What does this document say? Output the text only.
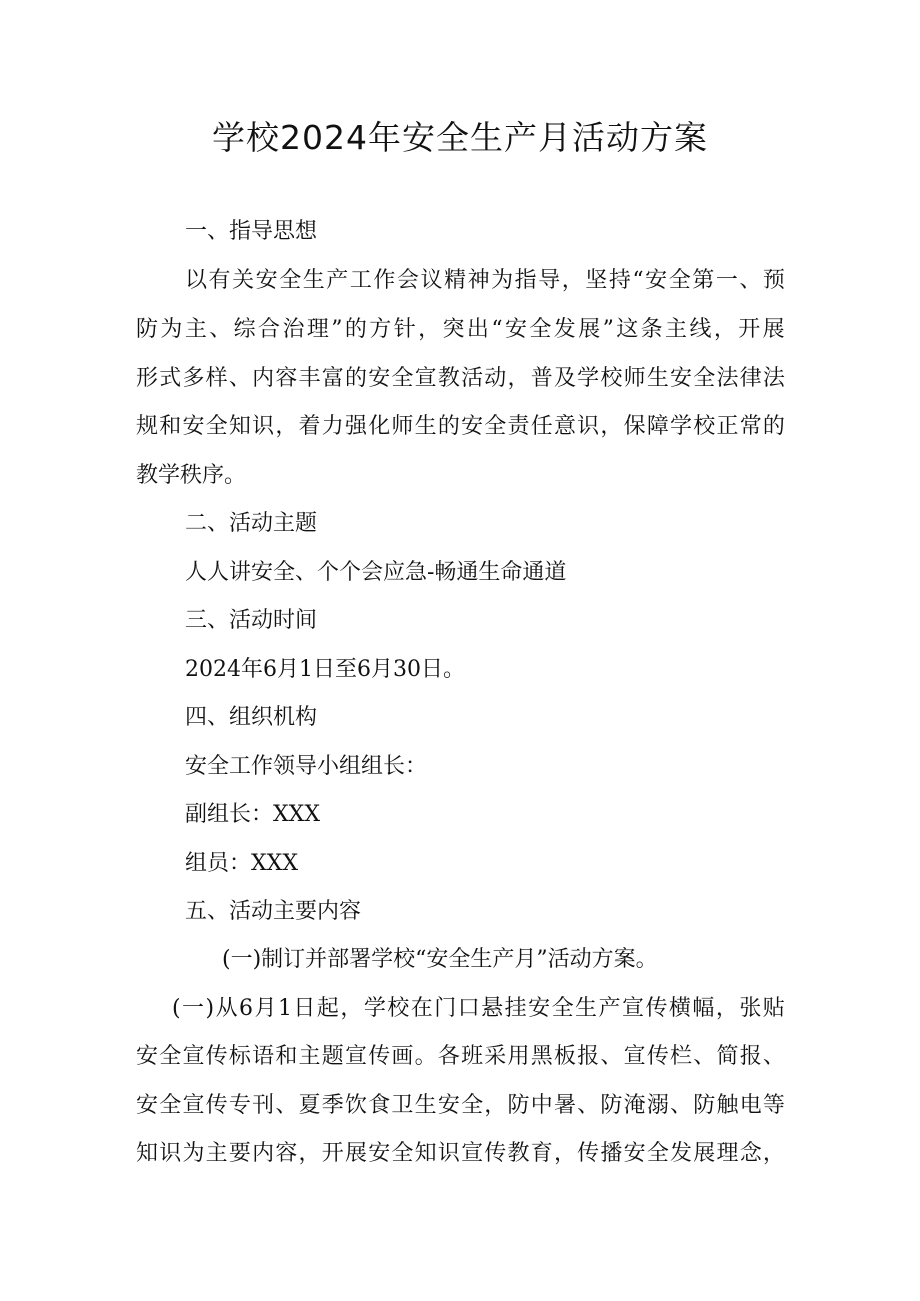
学校2024年安全生产月活动方案
一、指导思想
以 有 关 安 全 生 产 工 作 会 议 精 神 为 指 导 ， 坚 持 “ 安 全 第 一 、 预
防 为 主 、 综 合 治 理 ” 的 方 针 ， 突 出 “ 安 全 发 展 ” 这 条 主 线 ， 开 展
形 式 多 样 、 内 容 丰 富 的 安 全 宣 教 活 动 ， 普 及 学 校 师 生 安 全 法 律 法
规 和 安 全 知 识 ， 着 力 强 化 师 生 的 安 全 责 任 意 识 ， 保 障 学 校 正 常 的
教学秩序。
二、活动主题
人人讲安全、个个会应急-畅通生命通道
三、活动时间
2024年6月1日至6月30日。
四、组织机构
安全工作领导小组组长：
副组长：XXX
组员：XXX
五、活动主要内容
(一)制订并部署学校“安全生产月”活动方案。
( 一 ) 从 6 月 1 日 起 ， 学 校 在 门 口 悬 挂 安 全 生 产 宣 传 横 幅 ， 张 贴
安 全 宣 传 标 语 和 主 题 宣 传 画 。 各 班 采 用 黑 板 报 、 宣 传 栏 、 简 报 、
安 全 宣 传 专 刊 、 夏 季 饮 食 卫 生 安 全 ， 防 中 暑 、 防 淹 溺 、 防 触 电 等
知 识 为 主 要 内 容 ， 开 展 安 全 知 识 宣 传 教 育 ， 传 播 安 全 发 展 理 念 ，
